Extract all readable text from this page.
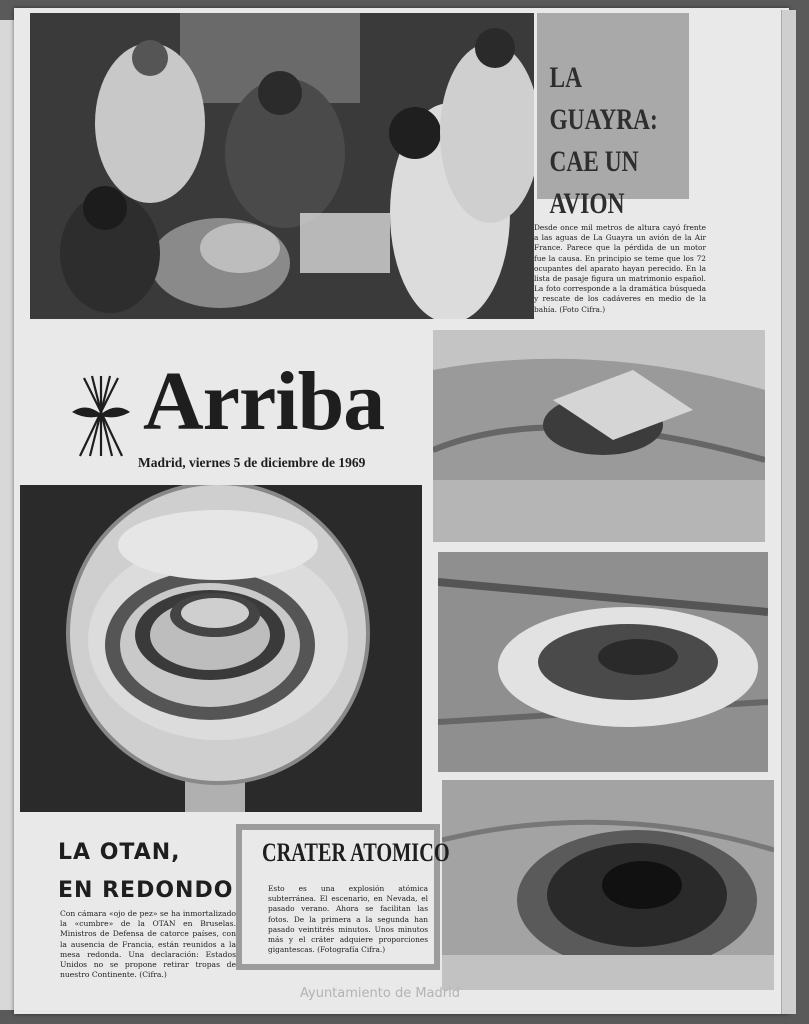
LA GUAYRA:
CAE UN
AVION
Desde once mil metros de altura cayó frente a las aguas de La Guayra un avión de la Air France. Parece que la pérdida de un motor fue la causa. En principio se teme que los 72 ocupantes del aparato hayan perecido. En la lista de pasaje figura un matrimonio español. La foto corresponde a la dramática búsqueda y rescate de los cadáveres en medio de la bahía. (Foto Cifra.)
Arriba
Madrid, viernes 5 de diciembre de 1969
LA OTAN,
EN REDONDO
Con cámara «ojo de pez» se ha inmortalizado la «cumbre» de la OTAN en Bruselas. Ministros de Defensa de catorce países, con la ausencia de Francia, están reunidos a la mesa redonda. Una declaración: Estados Unidos no se propone retirar tropas de nuestro Continente. (Cifra.)
CRATER ATOMICO
Esto es una explosión atómica subterránea. El escenario, en Nevada, el pasado verano. Ahora se facilitan las fotos. De la primera a la segunda han pasado veintitrés minutos. Unos minutos más y el cráter adquiere proporciones gigantescas. (Fotografía Cifra.)
Ayuntamiento de Madrid
